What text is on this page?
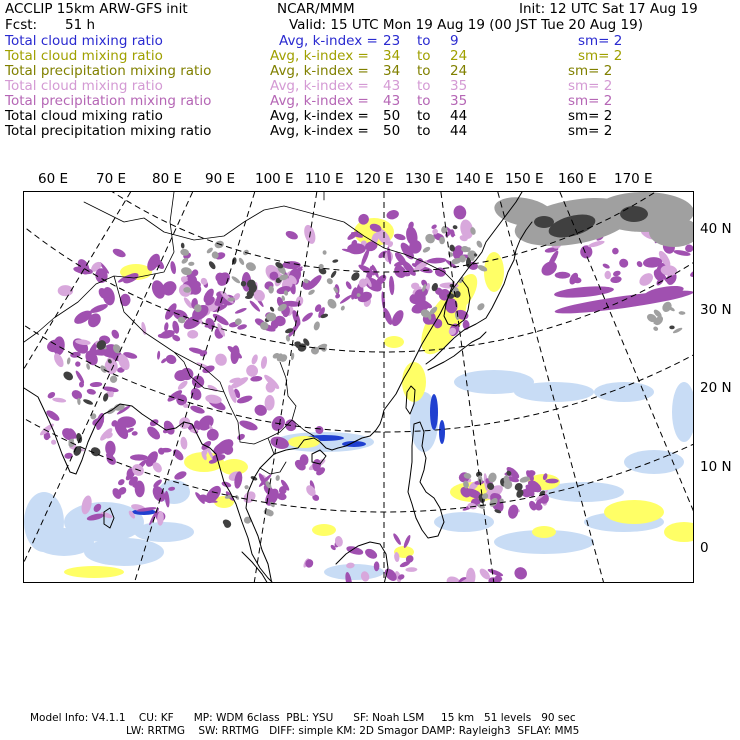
ACCLIP 15km ARW-GFS init	NCAR/MMM	Init: 12 UTC Sat 17 Aug 19
Fcst: 51 h	Valid: 15 UTC Mon 19 Aug 19 (00 JST Tue 20 Aug 19)
Total cloud mixing ratio	Avg, k-index = 23 to 9	sm= 2
Total cloud mixing ratio	Avg, k-index = 34 to 24	sm= 2
Total precipitation mixing ratio	Avg, k-index = 34 to 24	sm= 2
Total cloud mixing ratio	Avg, k-index = 43 to 35	sm= 2
Total precipitation mixing ratio	Avg, k-index = 43 to 35	sm= 2
Total cloud mixing ratio	Avg, k-index = 50 to 44	sm= 2
Total precipitation mixing ratio	Avg, k-index = 50 to 44	sm= 2
60 E 70 E 80 E 90 E 100 E 110 E 120 E 130 E 140 E 150 E 160 E 170 E
40 N
30 N
20 N
10 N
0
Model Info: V4.1.1    CU: KF      MP: WDM 6class  PBL: YSU      SF: Noah LSM     15 km   51 levels   90 sec
LW: RRTMG    SW: RRTMG   DIFF: simple KM: 2D Smagor DAMP: Rayleigh3  SFLAY: MM5
